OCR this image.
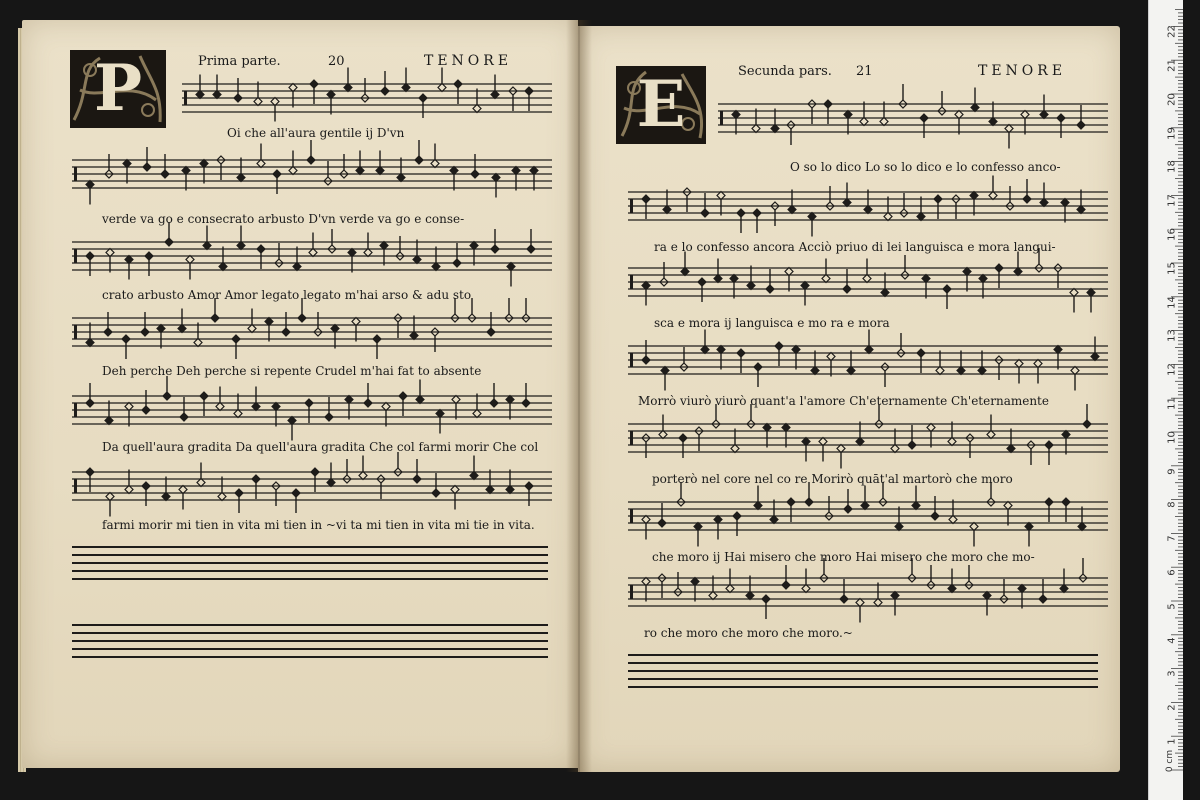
P	Prima parte.	20	TENORE
Oi che all'aura gentile ij D'vn
verde va go e consecrato arbusto D'vn verde va go e conse-
crato arbusto Amor Amor legato legato m'hai arso & adu sto
Deh perche Deh perche si repente Crudel m'hai fat to absente
Da quell'aura gradita Da quell'aura gradita Che col farmi morir Che col
farmi morir mi tien in vita mi tien in ~vi ta mi tien in vita mi tie in vita.
E	Secunda pars. 21	TENORE
O so lo dico Lo so lo dico e lo confesso anco-
ra e lo confesso ancora Acciò priuo di lei languisca e mora langui-
sca e mora ij languisca e mo ra e mora
Morrò viurò viurò quant'a l'amore Ch'eternamente Ch'eternamente
porterò nel core nel co re Morirò quāt'al martorò che moro
che moro ij Hai misero che moro Hai misero che moro che mo-
ro che moro che moro che moro.~
0 cm
1
2
3
4
5
6
7
8
9
10
11
12
13
14
15
16
17
18
19
20
21
22
